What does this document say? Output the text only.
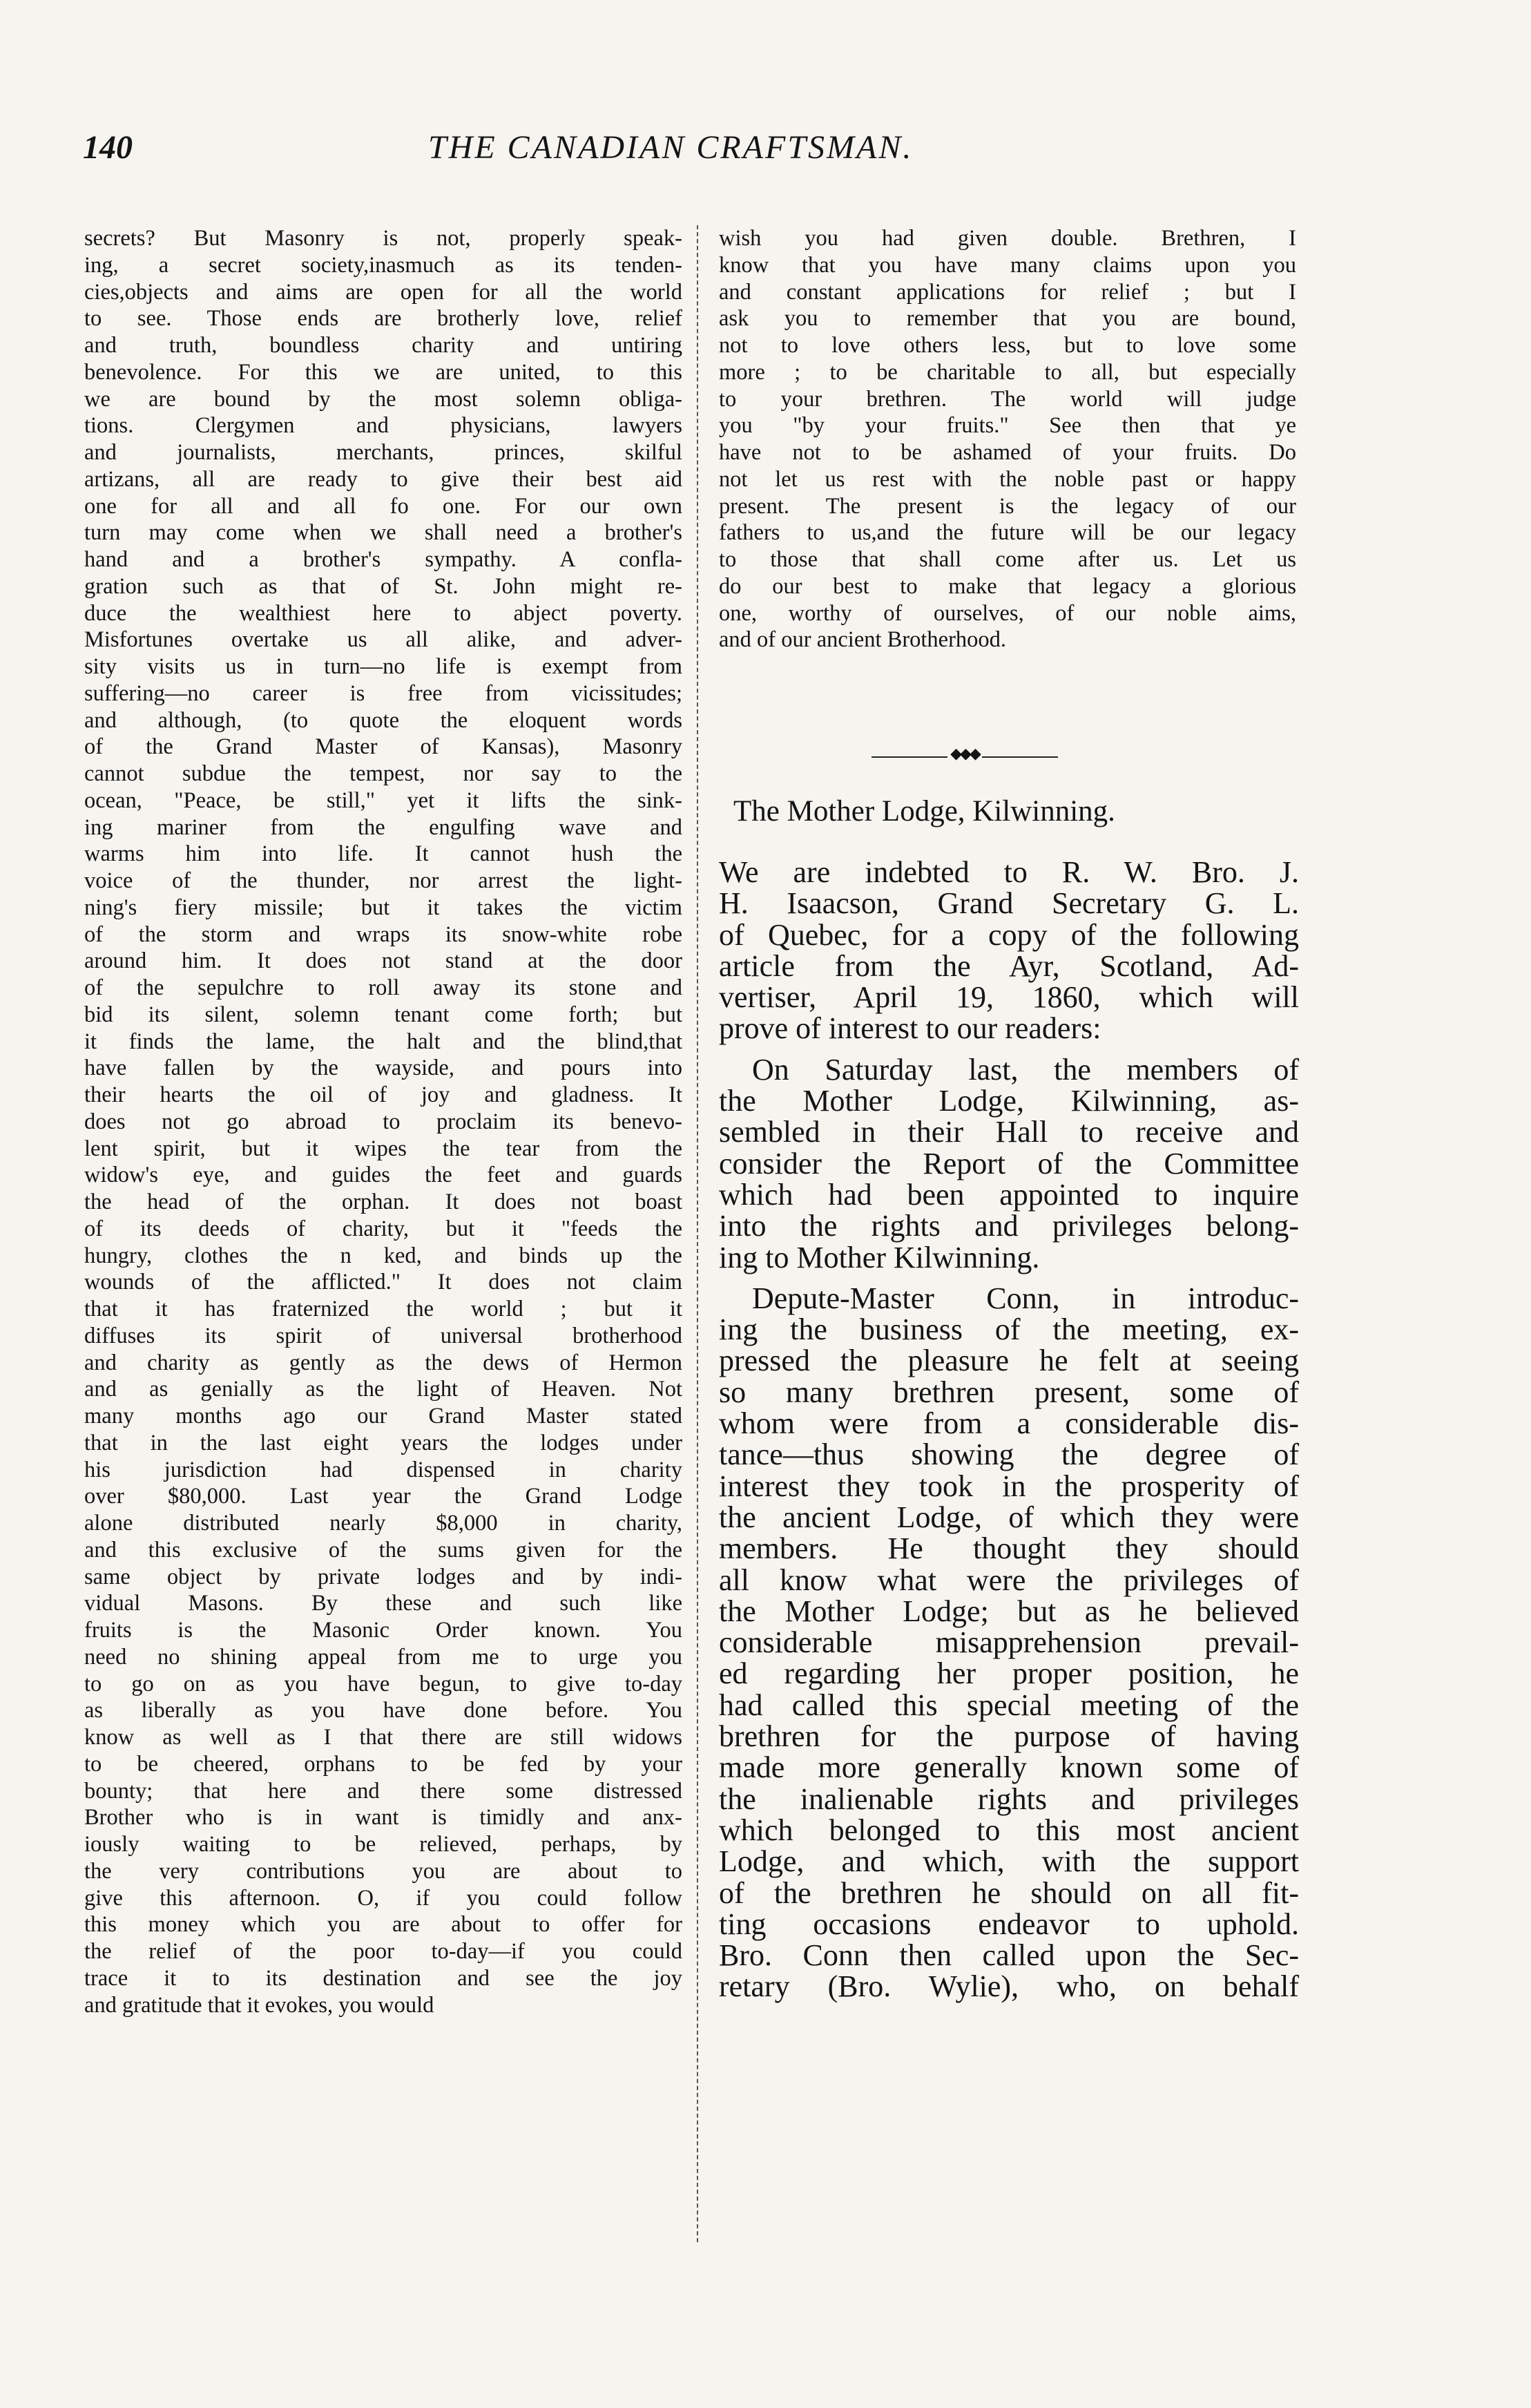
140	THE CANADIAN CRAFTSMAN.
secrets? But Masonry is not, properly speak-
ing, a secret society,inasmuch as its tenden-
cies,objects and aims are open for all the world
to see. Those ends are brotherly love, relief
and truth, boundless charity and untiring
benevolence. For this we are united, to this
we are bound by the most solemn obliga-
tions. Clergymen and physicians, lawyers
and journalists, merchants, princes, skilful
artizans, all are ready to give their best aid
one for all and all fo one. For our own
turn may come when we shall need a brother's
hand and a brother's sympathy. A confla-
gration such as that of St. John might re-
duce the wealthiest here to abject poverty.
Misfortunes overtake us all alike, and adver-
sity visits us in turn—no life is exempt from
suffering—no career is free from vicissitudes;
and although, (to quote the eloquent words
of the Grand Master of Kansas), Masonry
cannot subdue the tempest, nor say to the
ocean, "Peace, be still," yet it lifts the sink-
ing mariner from the engulfing wave and
warms him into life. It cannot hush the
voice of the thunder, nor arrest the light-
ning's fiery missile; but it takes the victim
of the storm and wraps its snow-white robe
around him. It does not stand at the door
of the sepulchre to roll away its stone and
bid its silent, solemn tenant come forth; but
it finds the lame, the halt and the blind,that
have fallen by the wayside, and pours into
their hearts the oil of joy and gladness. It
does not go abroad to proclaim its benevo-
lent spirit, but it wipes the tear from the
widow's eye, and guides the feet and guards
the head of the orphan. It does not boast
of its deeds of charity, but it "feeds the
hungry, clothes the n ked, and binds up the
wounds of the afflicted." It does not claim
that it has fraternized the world ; but it
diffuses its spirit of universal brotherhood
and charity as gently as the dews of Hermon
and as genially as the light of Heaven. Not
many months ago our Grand Master stated
that in the last eight years the lodges under
his jurisdiction had dispensed in charity
over $80,000. Last year the Grand Lodge
alone distributed nearly $8,000 in charity,
and this exclusive of the sums given for the
same object by private lodges and by indi-
vidual Masons. By these and such like
fruits is the Masonic Order known. You
need no shining appeal from me to urge you
to go on as you have begun, to give to-day
as liberally as you have done before. You
know as well as I that there are still widows
to be cheered, orphans to be fed by your
bounty; that here and there some distressed
Brother who is in want is timidly and anx-
iously waiting to be relieved, perhaps, by
the very contributions you are about to
give this afternoon. O, if you could follow
this money which you are about to offer for
the relief of the poor to-day—if you could
trace it to its destination and see the joy
and gratitude that it evokes, you would
wish you had given double. Brethren, I
know that you have many claims upon you
and constant applications for relief ; but I
ask you to remember that you are bound,
not to love others less, but to love some
more ; to be charitable to all, but especially
to your brethren. The world will judge
you "by your fruits." See then that ye
have not to be ashamed of your fruits. Do
not let us rest with the noble past or happy
present. The present is the legacy of our
fathers to us,and the future will be our legacy
to those that shall come after us. Let us
do our best to make that legacy a glorious
one, worthy of ourselves, of our noble aims,
and of our ancient Brotherhood.
◆◆◆
The Mother Lodge, Kilwinning.
We are indebted to R. W. Bro. J.
H. Isaacson, Grand Secretary G. L.
of Quebec, for a copy of the following
article from the Ayr, Scotland, Ad-
vertiser, April 19, 1860, which will
prove of interest to our readers:
On Saturday last, the members of
the Mother Lodge, Kilwinning, as-
sembled in their Hall to receive and
consider the Report of the Committee
which had been appointed to inquire
into the rights and privileges belong-
ing to Mother Kilwinning.
Depute-Master Conn, in introduc-
ing the business of the meeting, ex-
pressed the pleasure he felt at seeing
so many brethren present, some of
whom were from a considerable dis-
tance—thus showing the degree of
interest they took in the prosperity of
the ancient Lodge, of which they were
members. He thought they should
all know what were the privileges of
the Mother Lodge; but as he believed
considerable misapprehension prevail-
ed regarding her proper position, he
had called this special meeting of the
brethren for the purpose of having
made more generally known some of
the inalienable rights and privileges
which belonged to this most ancient
Lodge, and which, with the support
of the brethren he should on all fit-
ting occasions endeavor to uphold.
Bro. Conn then called upon the Sec-
retary (Bro. Wylie), who, on behalf
